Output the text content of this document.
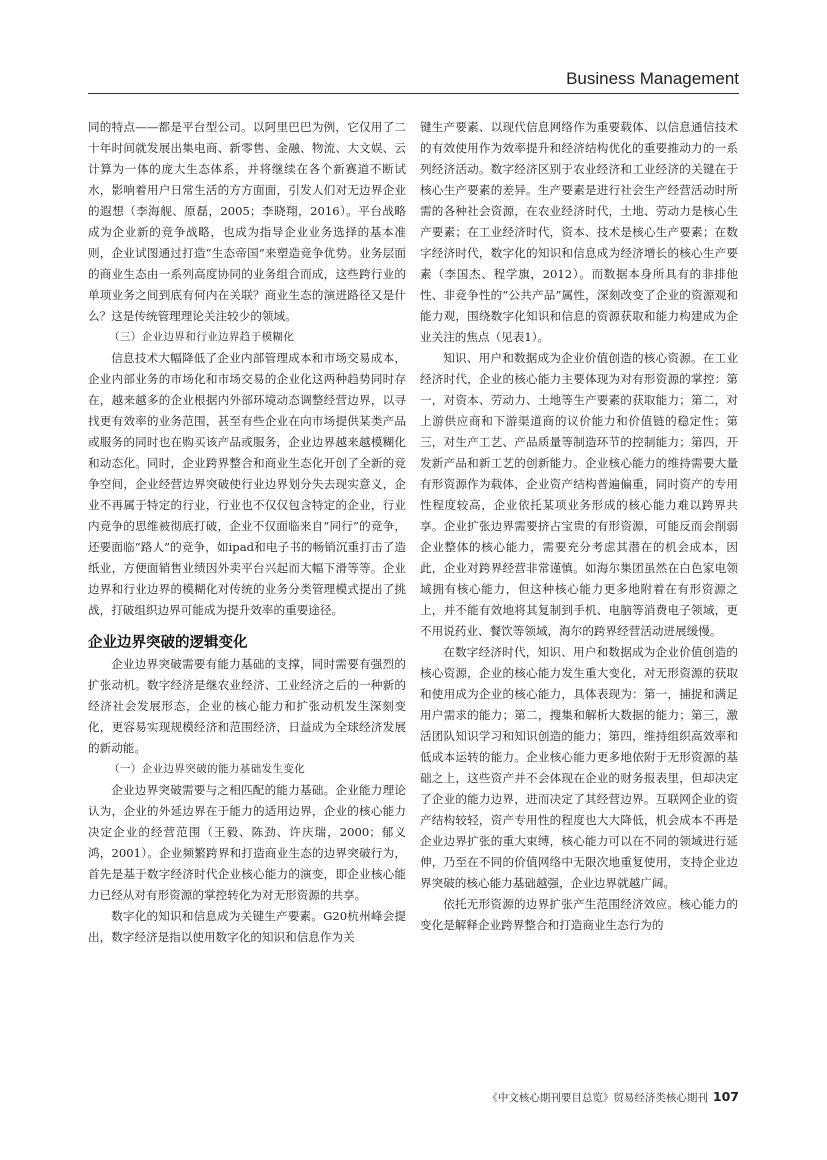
Business Management

同的特点——都是平台型公司。以阿里巴巴为例，它仅用了二十年时间就发展出集电商、新零售、金融、物流、大文娱、云计算为一体的庞大生态体系，并将继续在各个新赛道不断试水，影响着用户日常生活的方方面面，引发人们对无边界企业的遐想（李海舰、原磊，2005；李晓翔，2016）。平台战略成为企业新的竞争战略，也成为指导企业业务选择的基本准则，企业试图通过打造“生态帝国”来塑造竞争优势。业务层面的商业生态由一系列高度协同的业务组合而成，这些跨行业的单项业务之间到底有何内在关联？商业生态的演进路径又是什么？这是传统管理理论关注较少的领域。

（三）企业边界和行业边界趋于模糊化

信息技术大幅降低了企业内部管理成本和市场交易成本，企业内部业务的市场化和市场交易的企业化这两种趋势同时存在，越来越多的企业根据内外部环境动态调整经营边界，以寻找更有效率的业务范围，甚至有些企业在向市场提供某类产品或服务的同时也在购买该产品或服务，企业边界越来越模糊化和动态化。同时，企业跨界整合和商业生态化开创了全新的竞争空间，企业经营边界突破使行业边界划分失去现实意义，企业不再属于特定的行业，行业也不仅仅包含特定的企业，行业内竞争的思维被彻底打破，企业不仅面临来自“同行”的竞争，还要面临“路人”的竞争，如ipad和电子书的畅销沉重打击了造纸业，方便面销售业绩因外卖平台兴起而大幅下滑等等。企业边界和行业边界的模糊化对传统的业务分类管理模式提出了挑战，打破组织边界可能成为提升效率的重要途径。

企业边界突破的逻辑变化

企业边界突破需要有能力基础的支撑，同时需要有强烈的扩张动机。数字经济是继农业经济、工业经济之后的一种新的经济社会发展形态，企业的核心能力和扩张动机发生深刻变化，更容易实现规模经济和范围经济，日益成为全球经济发展的新动能。

（一）企业边界突破的能力基础发生变化

企业边界突破需要与之相匹配的能力基础。企业能力理论认为，企业的外延边界在于能力的适用边界，企业的核心能力决定企业的经营范围（王毅、陈劲、许庆瑞，2000；郁义鸿，2001）。企业频繁跨界和打造商业生态的边界突破行为，首先是基于数字经济时代企业核心能力的演变，即企业核心能力已经从对有形资源的掌控转化为对无形资源的共享。

数字化的知识和信息成为关键生产要素。G20杭州峰会提出，数字经济是指以使用数字化的知识和信息作为关

键生产要素、以现代信息网络作为重要载体、以信息通信技术的有效使用作为效率提升和经济结构优化的重要推动力的一系列经济活动。数字经济区别于农业经济和工业经济的关键在于核心生产要素的差异。生产要素是进行社会生产经营活动时所需的各种社会资源，在农业经济时代，土地、劳动力是核心生产要素；在工业经济时代，资本、技术是核心生产要素；在数字经济时代，数字化的知识和信息成为经济增长的核心生产要素（李国杰、程学旗，2012）。而数据本身所具有的非排他性、非竞争性的“公共产品”属性，深刻改变了企业的资源观和能力观，围绕数字化知识和信息的资源获取和能力构建成为企业关注的焦点（见表1）。

知识、用户和数据成为企业价值创造的核心资源。在工业经济时代，企业的核心能力主要体现为对有形资源的掌控：第一，对资本、劳动力、土地等生产要素的获取能力；第二，对上游供应商和下游渠道商的议价能力和价值链的稳定性；第三，对生产工艺、产品质量等制造环节的控制能力；第四，开发新产品和新工艺的创新能力。企业核心能力的维持需要大量有形资源作为载体，企业资产结构普遍偏重，同时资产的专用性程度较高，企业依托某项业务形成的核心能力难以跨界共享。企业扩张边界需要挤占宝贵的有形资源，可能反而会削弱企业整体的核心能力，需要充分考虑其潜在的机会成本，因此，企业对跨界经营非常谨慎。如海尔集团虽然在白色家电领域拥有核心能力，但这种核心能力更多地附着在有形资源之上，并不能有效地将其复制到手机、电脑等消费电子领域，更不用说药业、餐饮等领域，海尔的跨界经营活动进展缓慢。

在数字经济时代，知识、用户和数据成为企业价值创造的核心资源，企业的核心能力发生重大变化，对无形资源的获取和使用成为企业的核心能力，具体表现为：第一，捕捉和满足用户需求的能力；第二，搜集和解析大数据的能力；第三，激活团队知识学习和知识创造的能力；第四，维持组织高效率和低成本运转的能力。企业核心能力更多地依附于无形资源的基础之上，这些资产并不会体现在企业的财务报表里，但却决定了企业的能力边界，进而决定了其经营边界。互联网企业的资产结构较轻，资产专用性的程度也大大降低，机会成本不再是企业边界扩张的重大束缚，核心能力可以在不同的领域进行延伸，乃至在不同的价值网络中无限次地重复使用，支持企业边界突破的核心能力基础越强，企业边界就越广阔。

依托无形资源的边界扩张产生范围经济效应。核心能力的变化是解释企业跨界整合和打造商业生态行为的

《中文核心期刊要目总览》贸易经济类核心期刊 107
